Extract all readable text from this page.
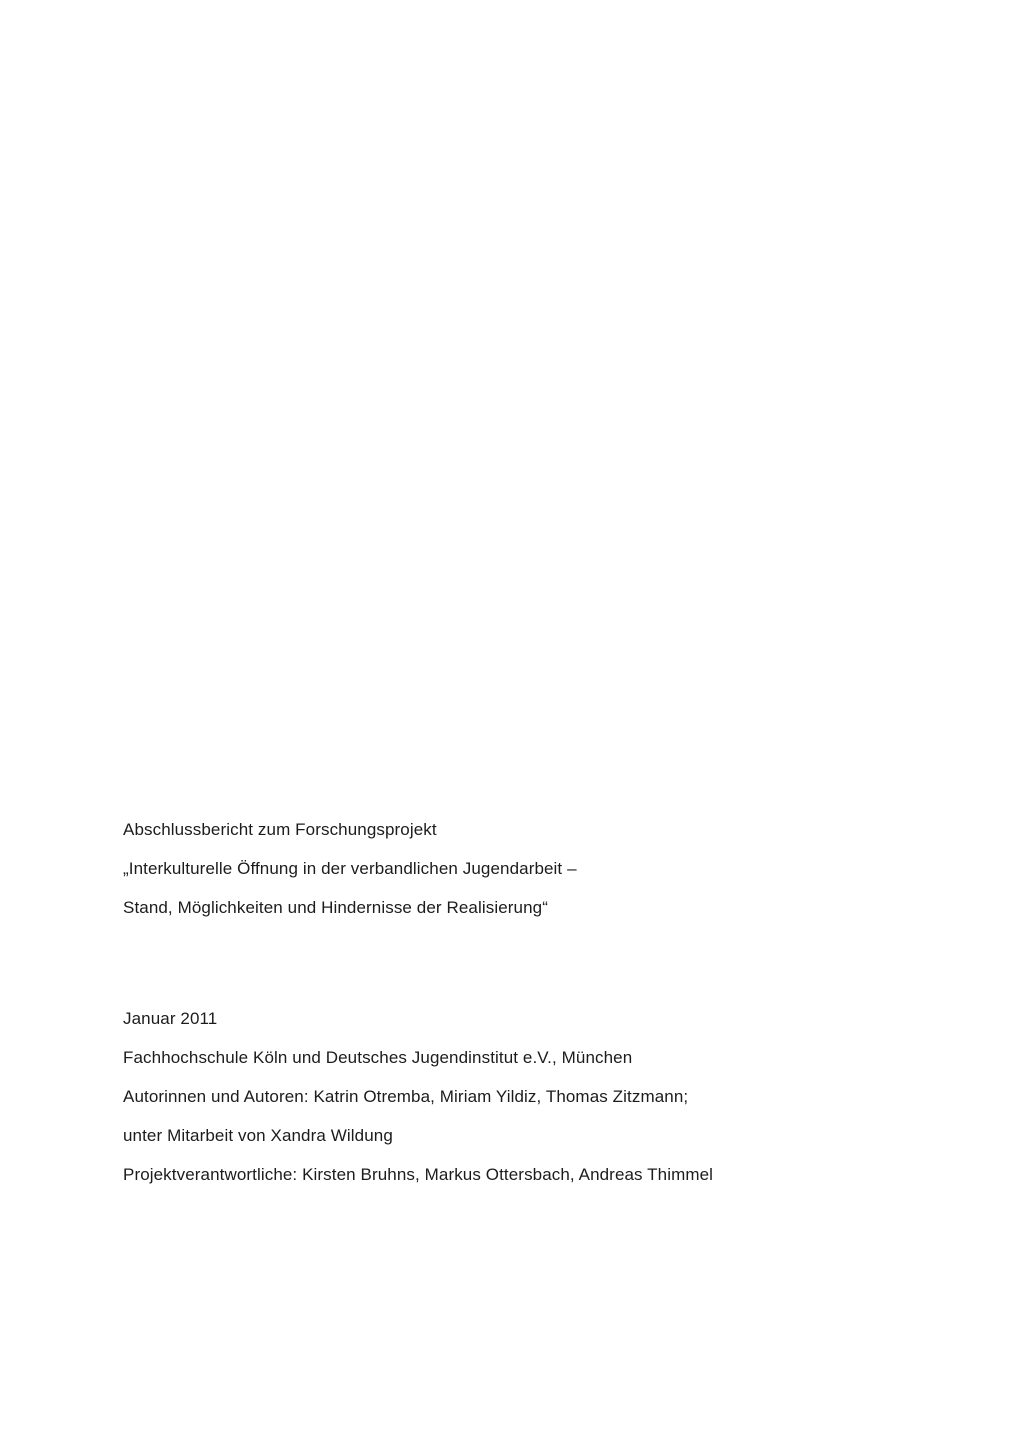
Abschlussbericht zum Forschungsprojekt

„Interkulturelle Öffnung in der verbandlichen Jugendarbeit –

Stand, Möglichkeiten und Hindernisse der Realisierung“

Januar 2011

Fachhochschule Köln und Deutsches Jugendinstitut e.V., München

Autorinnen und Autoren: Katrin Otremba, Miriam Yildiz, Thomas Zitzmann;

unter Mitarbeit von Xandra Wildung

Projektverantwortliche: Kirsten Bruhns, Markus Ottersbach, Andreas Thimmel
